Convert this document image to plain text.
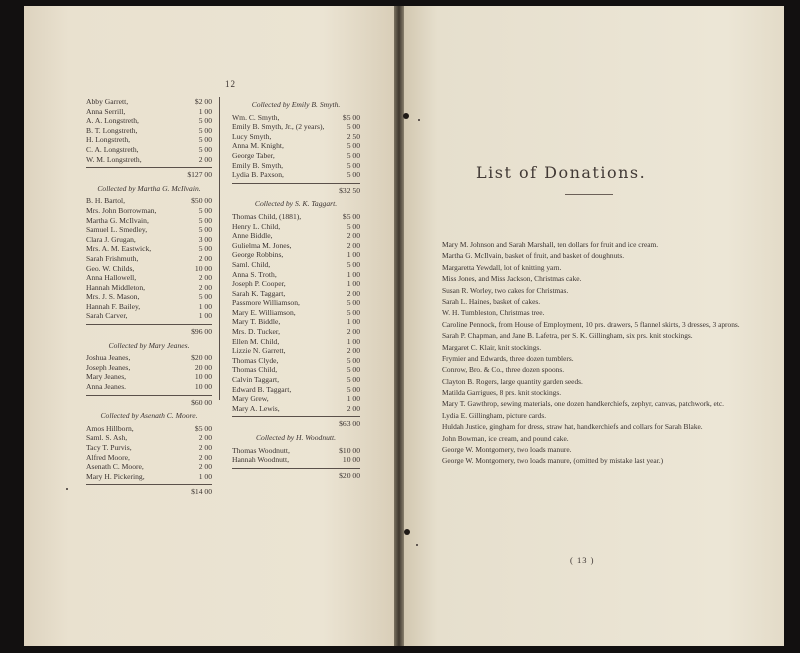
12
Abby Garrett,	$2 00
Anna Serrill,	1 00
A. A. Longstreth,	5 00
B. T. Longstreth,	5 00
H. Longstreth,	5 00
C. A. Longstreth,	5 00
W. M. Longstreth,	2 00
$127 00
Collected by Martha G. McIlvain.
B. H. Bartol,	$50 00
Mrs. John Borrowman,	5 00
Martha G. McIlvain,	5 00
Samuel L. Smedley,	5 00
Clara J. Grugan,	3 00
Mrs. A. M. Eastwick,	5 00
Sarah Frishmuth,	2 00
Geo. W. Childs,	10 00
Anna Hallowell,	2 00
Hannah Middleton,	2 00
Mrs. J. S. Mason,	5 00
Hannah F. Bailey,	1 00
Sarah Carver,	1 00
$96 00
Collected by Mary Jeanes.
Joshua Jeanes,	$20 00
Joseph Jeanes,	20 00
Mary Jeanes,	10 00
Anna Jeanes.	10 00
$60 00
Collected by Asenath C. Moore.
Amos Hillborn,	$5 00
Saml. S. Ash,	2 00
Tacy T. Purvis,	2 00
Alfred Moore,	2 00
Asenath C. Moore,	2 00
Mary H. Pickering,	1 00
$14 00
Collected by Emily B. Smyth.
Wm. C. Smyth,	$5 00
Emily B. Smyth, Jr., (2 years),	5 00
Lucy Smyth,	2 50
Anna M. Knight,	5 00
George Taber,	5 00
Emily B. Smyth,	5 00
Lydia B. Paxson,	5 00
$32 50
Collected by S. K. Taggart.
Thomas Child, (1881),	$5 00
Henry L. Child,	5 00
Anne Biddle,	2 00
Gulielma M. Jones,	2 00
George Robbins,	1 00
Saml. Child,	5 00
Anna S. Troth,	1 00
Joseph P. Cooper,	1 00
Sarah K. Taggart,	2 00
Passmore Williamson,	5 00
Mary E. Williamson,	5 00
Mary T. Biddle,	1 00
Mrs. D. Tucker,	2 00
Ellen M. Child,	1 00
Lizzie N. Garrett,	2 00
Thomas Clyde,	5 00
Thomas Child,	5 00
Calvin Taggart,	5 00
Edward B. Taggart,	5 00
Mary Grew,	1 00
Mary A. Lewis,	2 00
$63 00
Collected by H. Woodnutt.
Thomas Woodnutt,	$10 00
Hannah Woodnutt,	10 00
$20 00
List of Donations.
Mary M. Johnson and Sarah Marshall, ten dollars for fruit and ice cream.
Martha G. McIlvain, basket of fruit, and basket of doughnuts.
Margaretta Yewdall, lot of knitting yarn.
Miss Jones, and Miss Jackson, Christmas cake.
Susan R. Worley, two cakes for Christmas.
Sarah L. Haines, basket of cakes.
W. H. Tumbleston, Christmas tree.
Caroline Pennock, from House of Employment, 10 prs. drawers, 5 flannel skirts, 3 dresses, 3 aprons.
Sarah P. Chapman, and Jane B. Lafetra, per S. K. Gillingham, six prs. knit stockings.
Margaret C. Klair, knit stockings.
Frymier and Edwards, three dozen tumblers.
Conrow, Bro. & Co., three dozen spoons.
Clayton B. Rogers, large quantity garden seeds.
Matilda Garrigues, 8 prs. knit stockings.
Mary T. Gawthrop, sewing materials, one dozen handkerchiefs, zephyr, canvas, patchwork, etc.
Lydia E. Gillingham, picture cards.
Huldah Justice, gingham for dress, straw hat, handkerchiefs and collars for Sarah Blake.
John Bowman, ice cream, and pound cake.
George W. Montgomery, two loads manure.
George W. Montgomery, two loads manure, (omitted by mistake last year.)
( 13 )
